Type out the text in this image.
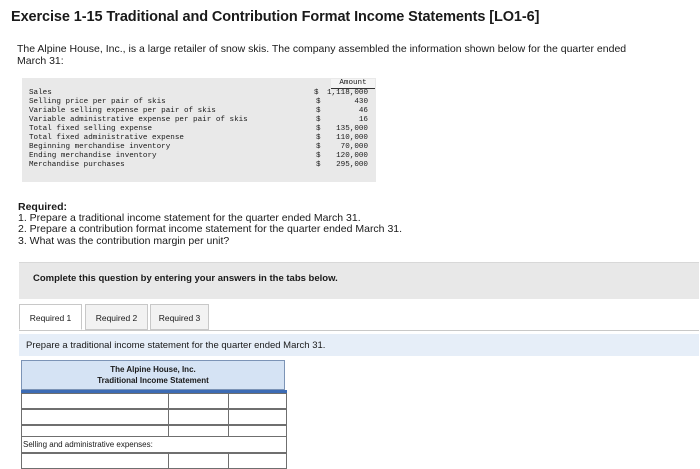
Exercise 1-15 Traditional and Contribution Format Income Statements [LO1-6]
The Alpine House, Inc., is a large retailer of snow skis. The company assembled the information shown below for the quarter ended March 31:
Amount
Sales	$ 1,118,000
Selling price per pair of skis	$	430
Variable selling expense per pair of skis	$	46
Variable administrative expense per pair of skis	$	16
Total fixed selling expense	$ 135,000
Total fixed administrative expense	$ 110,000
Beginning merchandise inventory	$	70,000
Ending merchandise inventory	$ 120,000
Merchandise purchases	$ 295,000
Required:
1. Prepare a traditional income statement for the quarter ended March 31.
2. Prepare a contribution format income statement for the quarter ended March 31.
3. What was the contribution margin per unit?
Complete this question by entering your answers in the tabs below.
Required 1	Required 2	Required 3
Prepare a traditional income statement for the quarter ended March 31.
The Alpine House, Inc.
Traditional Income Statement
Selling and administrative expenses:
